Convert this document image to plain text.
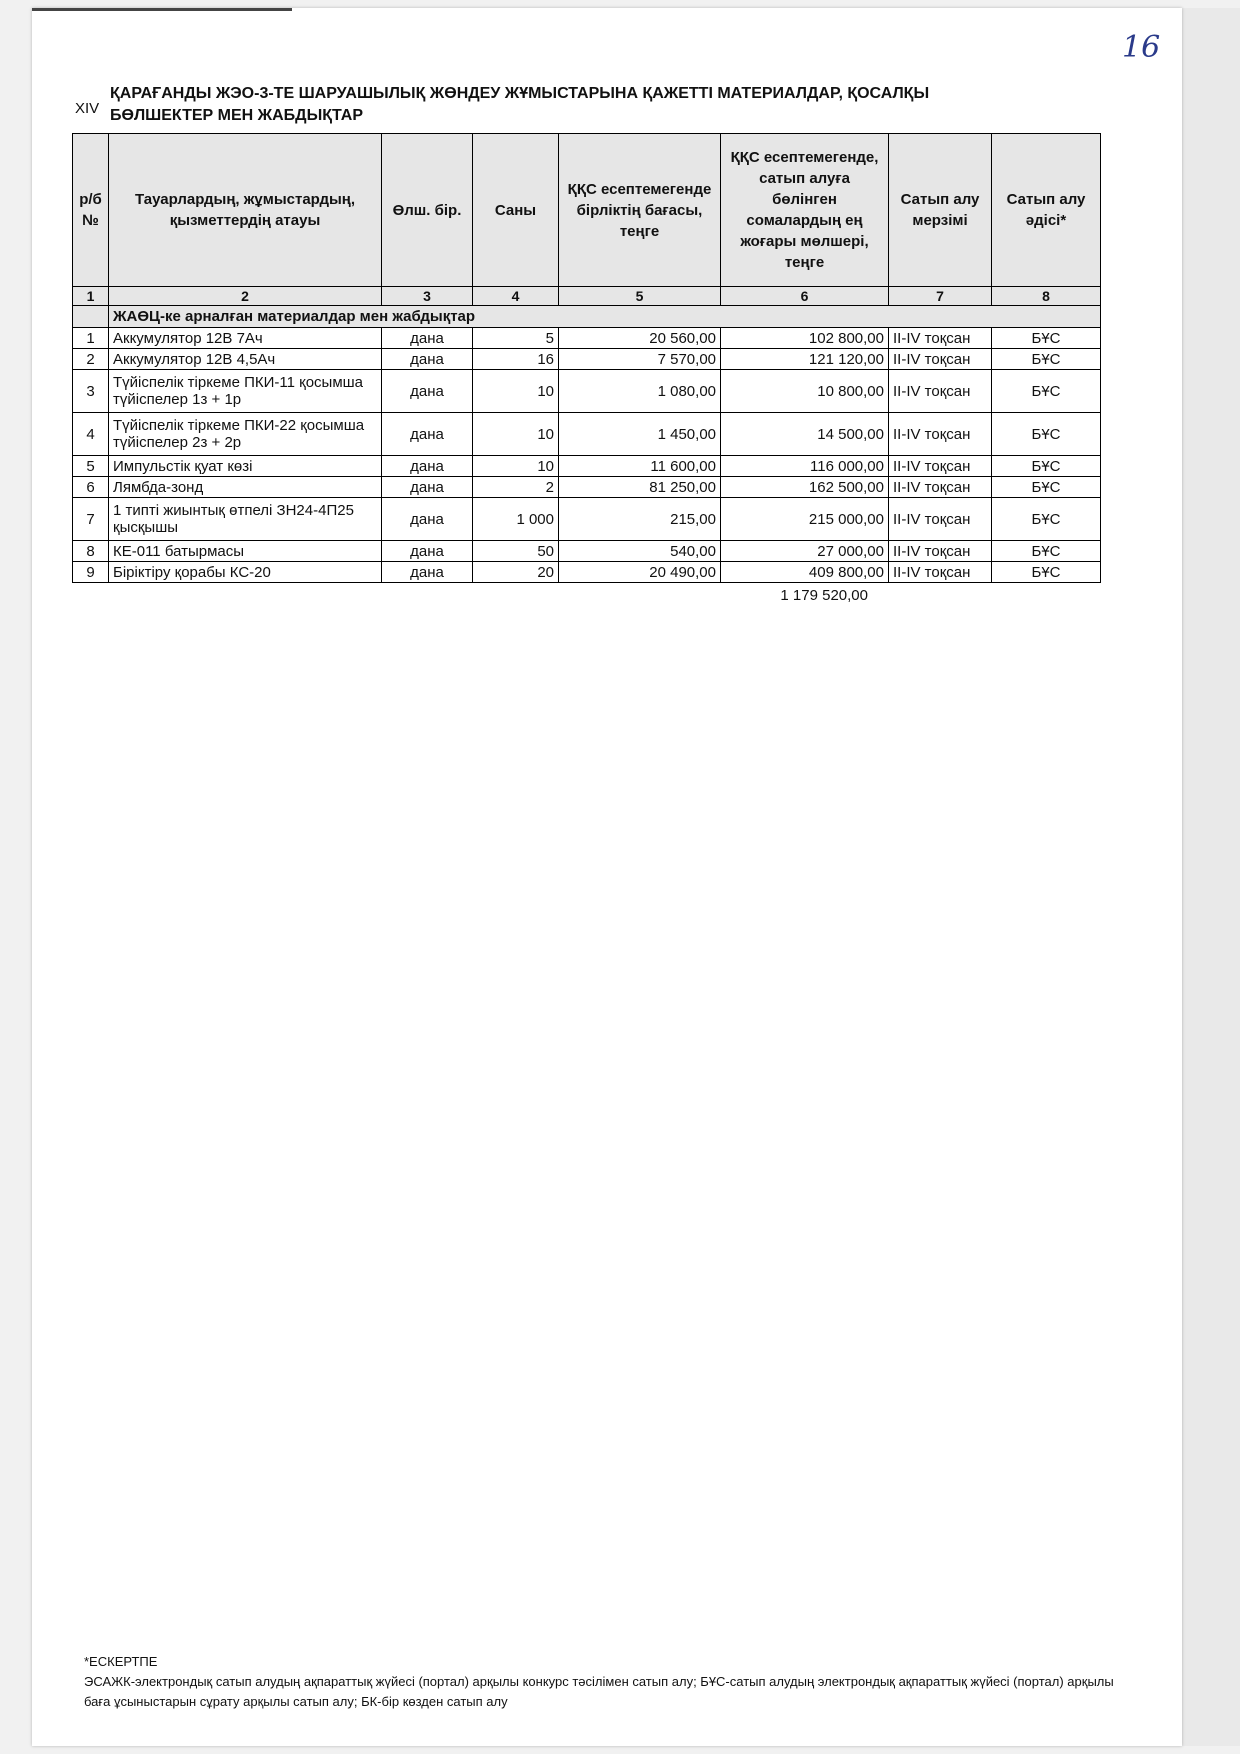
16
XIV
ҚАРАҒАНДЫ ЖЭО-3-ТЕ ШАРУАШЫЛЫҚ ЖӨНДЕУ ЖҰМЫСТАРЫНА ҚАЖЕТТІ МАТЕРИАЛДАР, ҚОСАЛҚЫ БӨЛШЕКТЕР МЕН ЖАБДЫҚТАР
р/б №	Тауарлардың, жұмыстардың, қызметтердің атауы	Өлш. бір.	Саны	ҚҚС есептемегенде бірліктің бағасы, теңге	ҚҚС есептемегенде, сатып алуға бөлінген сомалардың ең жоғары мөлшері, теңге	Сатып алу мерзімі	Сатып алу әдісі*
1	2	3	4	5	6	7	8
	ЖАӨЦ-ке арналған материалдар мен жабдықтар						
1	Аккумулятор 12В 7Ач	дана	5	20 560,00	102 800,00	II-IV тоқсан	БҰС
2	Аккумулятор 12В 4,5Ач	дана	16	7 570,00	121 120,00	II-IV тоқсан	БҰС
3	Түйіспелік тіркеме ПКИ-11 қосымша түйіспелер 1з + 1р	дана	10	1 080,00	10 800,00	II-IV тоқсан	БҰС
4	Түйіспелік тіркеме ПКИ-22 қосымша түйіспелер 2з + 2р	дана	10	1 450,00	14 500,00	II-IV тоқсан	БҰС
5	Импульстік қуат көзі	дана	10	11 600,00	116 000,00	II-IV тоқсан	БҰС
6	Лямбда-зонд	дана	2	81 250,00	162 500,00	II-IV тоқсан	БҰС
7	1 типті жиынтық өтпелі ЗН24-4П25 қысқышы	дана	1 000	215,00	215 000,00	II-IV тоқсан	БҰС
8	КЕ-011 батырмасы	дана	50	540,00	27 000,00	II-IV тоқсан	БҰС
9	Біріктіру қорабы КС-20	дана	20	20 490,00	409 800,00	II-IV тоқсан	БҰС
1 179 520,00
*ЕСКЕРТПЕ
ЭСАЖК-электрондық сатып алудың ақпараттық жүйесі (портал) арқылы конкурс тәсілімен сатып алу; БҰС-сатып алудың электрондық ақпараттық жүйесі (портал) арқылы баға ұсыныстарын сұрату арқылы сатып алу; БК-бір көзден сатып алу
